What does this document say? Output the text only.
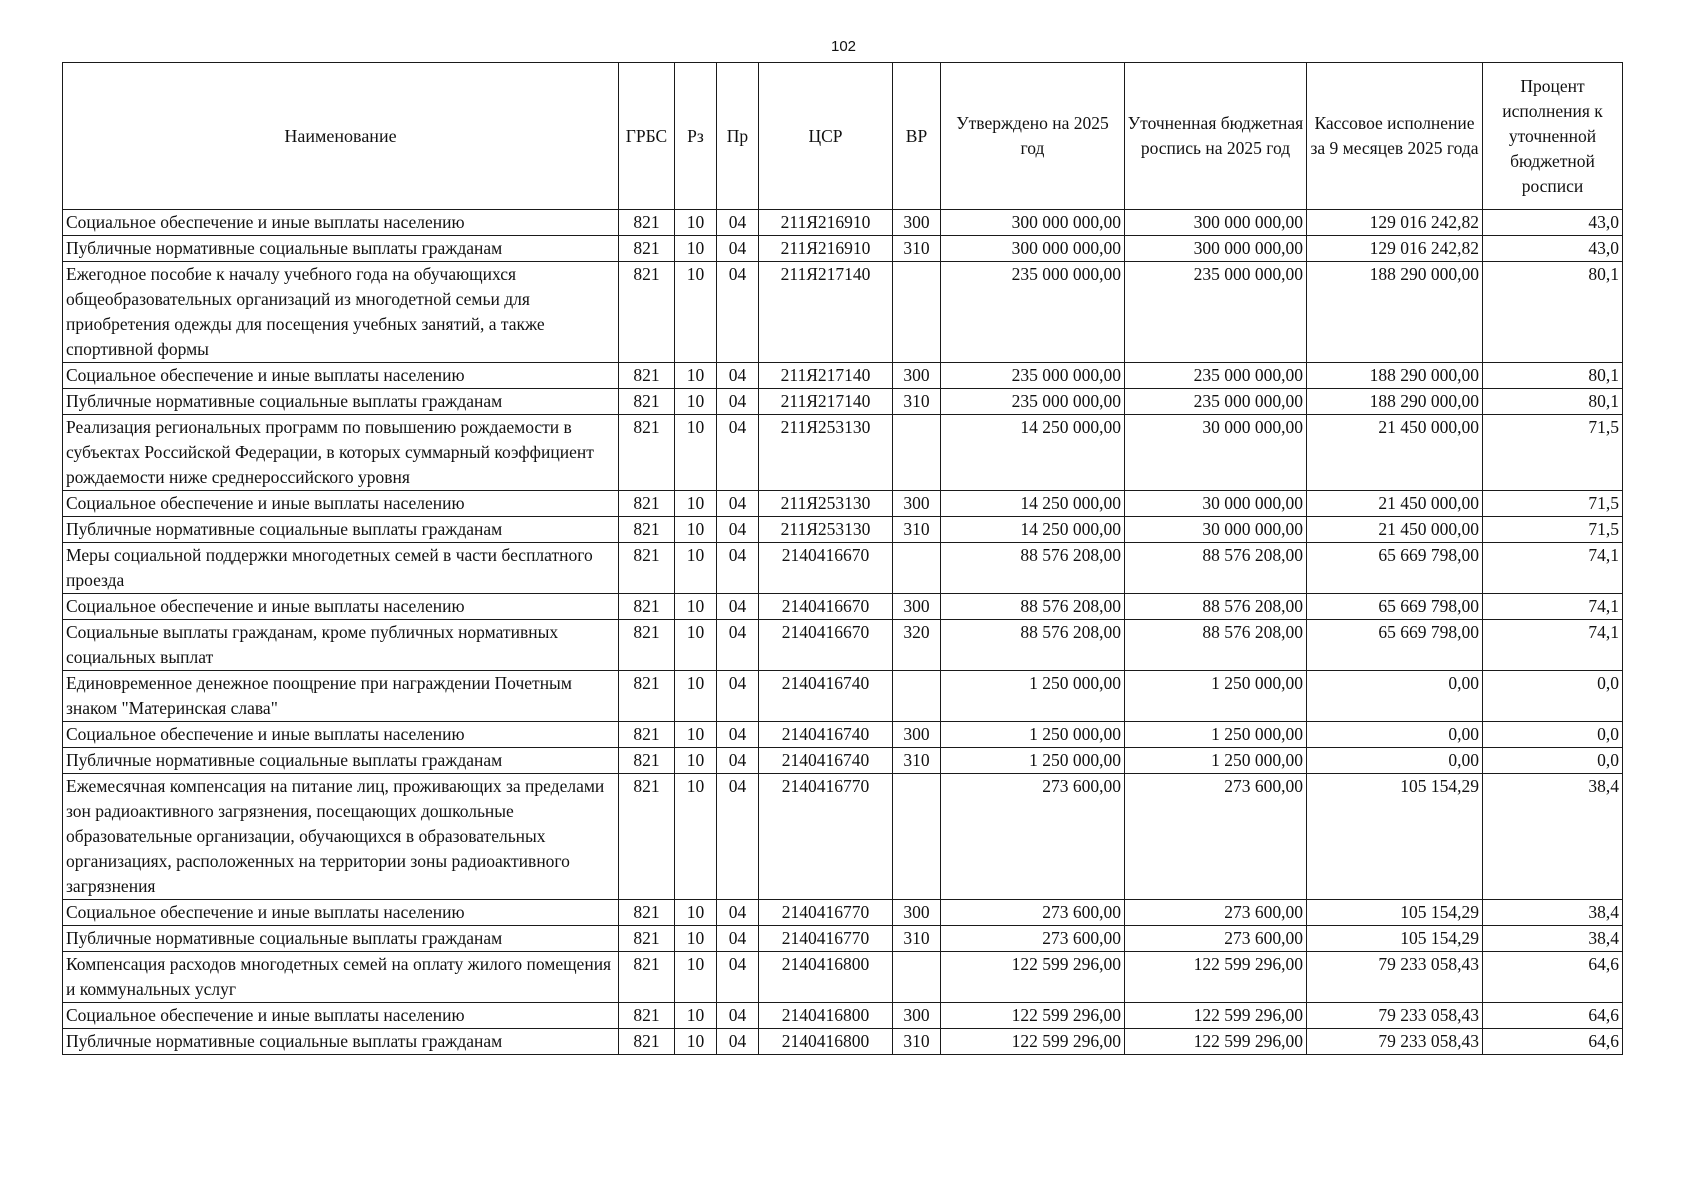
102
Наименование	ГРБС	Рз	Пр	ЦСР	ВР	Утверждено на 2025 год	Уточненная бюджетная роспись на 2025 год	Кассовое исполнение за 9 месяцев 2025 года	Процент исполнения к уточненной бюджетной росписи
Социальное обеспечение и иные выплаты населению	821	10	04	211Я216910	300	300 000 000,00	300 000 000,00	129 016 242,82	43,0
Публичные нормативные социальные выплаты гражданам	821	10	04	211Я216910	310	300 000 000,00	300 000 000,00	129 016 242,82	43,0
Ежегодное пособие к началу учебного года на обучающихся общеобразовательных организаций из многодетной семьи для приобретения одежды для посещения учебных занятий, а также спортивной формы	821	10	04	211Я217140		235 000 000,00	235 000 000,00	188 290 000,00	80,1
Социальное обеспечение и иные выплаты населению	821	10	04	211Я217140	300	235 000 000,00	235 000 000,00	188 290 000,00	80,1
Публичные нормативные социальные выплаты гражданам	821	10	04	211Я217140	310	235 000 000,00	235 000 000,00	188 290 000,00	80,1
Реализация региональных программ по повышению рождаемости в субъектах Российской Федерации, в которых суммарный коэффициент рождаемости ниже среднероссийского уровня	821	10	04	211Я253130		14 250 000,00	30 000 000,00	21 450 000,00	71,5
Социальное обеспечение и иные выплаты населению	821	10	04	211Я253130	300	14 250 000,00	30 000 000,00	21 450 000,00	71,5
Публичные нормативные социальные выплаты гражданам	821	10	04	211Я253130	310	14 250 000,00	30 000 000,00	21 450 000,00	71,5
Меры социальной поддержки многодетных семей в части бесплатного проезда	821	10	04	2140416670		88 576 208,00	88 576 208,00	65 669 798,00	74,1
Социальное обеспечение и иные выплаты населению	821	10	04	2140416670	300	88 576 208,00	88 576 208,00	65 669 798,00	74,1
Социальные выплаты гражданам, кроме публичных нормативных социальных выплат	821	10	04	2140416670	320	88 576 208,00	88 576 208,00	65 669 798,00	74,1
Единовременное денежное поощрение при награждении Почетным знаком "Материнская слава"	821	10	04	2140416740		1 250 000,00	1 250 000,00	0,00	0,0
Социальное обеспечение и иные выплаты населению	821	10	04	2140416740	300	1 250 000,00	1 250 000,00	0,00	0,0
Публичные нормативные социальные выплаты гражданам	821	10	04	2140416740	310	1 250 000,00	1 250 000,00	0,00	0,0
Ежемесячная компенсация на питание лиц, проживающих за пределами зон радиоактивного загрязнения, посещающих дошкольные образовательные организации, обучающихся в образовательных организациях, расположенных на территории зоны радиоактивного загрязнения	821	10	04	2140416770		273 600,00	273 600,00	105 154,29	38,4
Социальное обеспечение и иные выплаты населению	821	10	04	2140416770	300	273 600,00	273 600,00	105 154,29	38,4
Публичные нормативные социальные выплаты гражданам	821	10	04	2140416770	310	273 600,00	273 600,00	105 154,29	38,4
Компенсация расходов многодетных семей на оплату жилого помещения и коммунальных услуг	821	10	04	2140416800		122 599 296,00	122 599 296,00	79 233 058,43	64,6
Социальное обеспечение и иные выплаты населению	821	10	04	2140416800	300	122 599 296,00	122 599 296,00	79 233 058,43	64,6
Публичные нормативные социальные выплаты гражданам	821	10	04	2140416800	310	122 599 296,00	122 599 296,00	79 233 058,43	64,6
